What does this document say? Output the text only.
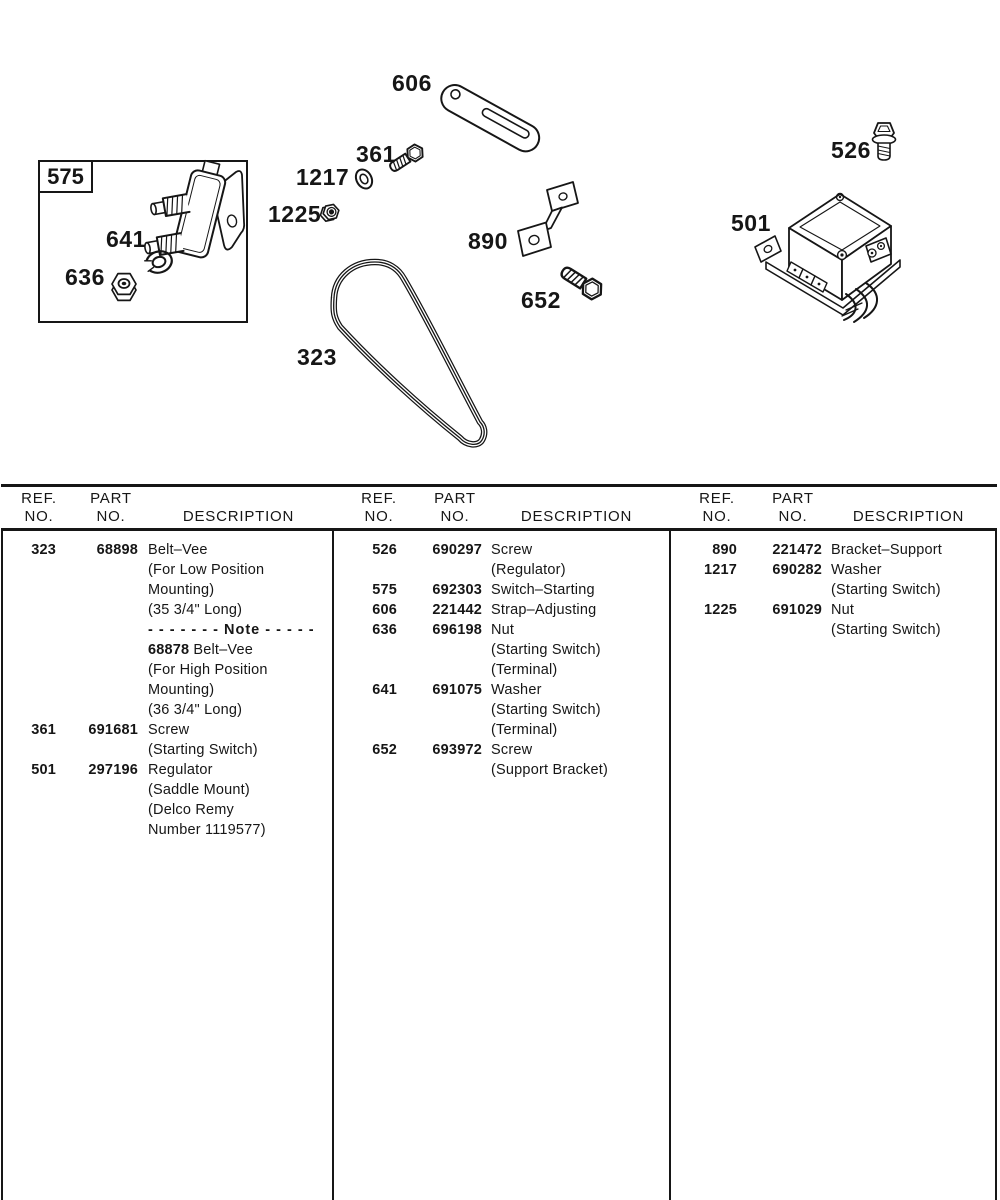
575
606
526
361
1217
1225
890
501
641
636
652
323
REF.
NO.
PART
NO.
	DESCRIPTION
REF.
NO.
PART
NO.
	DESCRIPTION
REF.
NO.
PART
NO.
	DESCRIPTION
323	68898 Belt–Vee
(For Low Position
Mounting)
(35 3/4" Long)
- - - - - - - Note - - - - -
68878 Belt–Vee
(For High Position
Mounting)
(36 3/4" Long)
361	691681 Screw
(Starting Switch)
501	297196 Regulator
(Saddle Mount)
(Delco Remy
Number 1119577)
526	690297 Screw
(Regulator)
575	692303 Switch–Starting
606	221442 Strap–Adjusting
636	696198 Nut
(Starting Switch)
(Terminal)
641	691075 Washer
(Starting Switch)
(Terminal)
652	693972 Screw
(Support Bracket)
890	221472 Bracket–Support
1217	690282 Washer
(Starting Switch)
1225	691029 Nut
(Starting Switch)
